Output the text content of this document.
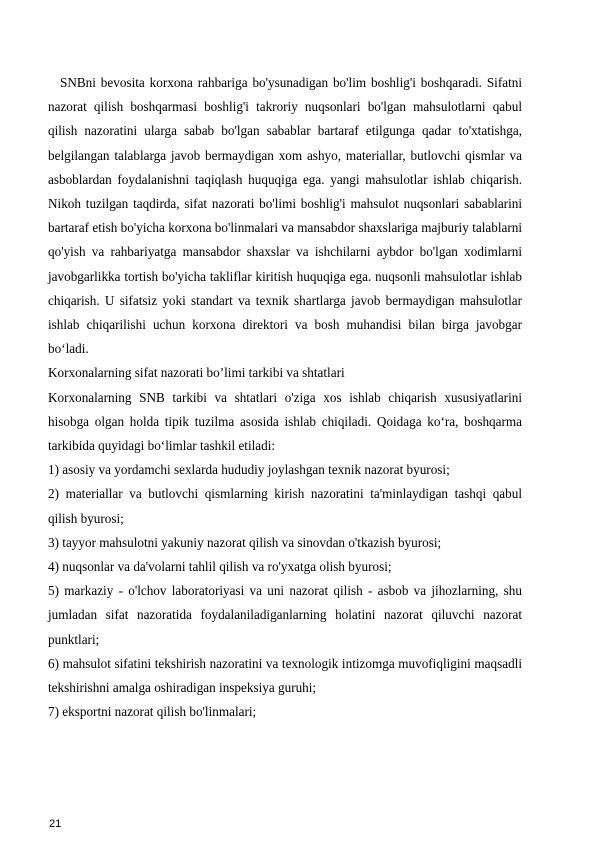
SNBni bevosita korxona rahbariga bo'ysunadigan bo'lim boshlig'i boshqaradi. Sifatni nazorat qilish boshqarmasi boshlig'i takroriy nuqsonlari bo'lgan mahsulotlarni qabul qilish nazoratini ularga sabab bo'lgan sabablar bartaraf etilgunga qadar to'xtatishga, belgilangan talablarga javob bermaydigan xom ashyo, materiallar, butlovchi qismlar va asboblardan foydalanishni taqiqlash huquqiga ega. yangi mahsulotlar ishlab chiqarish. Nikoh tuzilgan taqdirda, sifat nazorati bo'limi boshlig'i mahsulot nuqsonlari sabablarini bartaraf etish bo'yicha korxona bo'linmalari va mansabdor shaxslariga majburiy talablarni qo'yish va rahbariyatga mansabdor shaxslar va ishchilarni aybdor bo'lgan xodimlarni javobgarlikka tortish bo'yicha takliflar kiritish huquqiga ega. nuqsonli mahsulotlar ishlab chiqarish. U sifatsiz yoki standart va texnik shartlarga javob bermaydigan mahsulotlar ishlab chiqarilishi uchun korxona direktori va bosh muhandisi bilan birga javobgar bo‘ladi.

Korxonalarning sifat nazorati bo’limi tarkibi va shtatlari

Korxonalarning SNB tarkibi va shtatlari o'ziga xos ishlab chiqarish xususiyatlarini hisobga olgan holda tipik tuzilma asosida ishlab chiqiladi. Qoidaga ko‘ra, boshqarma tarkibida quyidagi bo‘limlar tashkil etiladi:

1) asosiy va yordamchi sexlarda hududiy joylashgan texnik nazorat byurosi;

2) materiallar va butlovchi qismlarning kirish nazoratini ta'minlaydigan tashqi qabul qilish byurosi;

3) tayyor mahsulotni yakuniy nazorat qilish va sinovdan o'tkazish byurosi;

4) nuqsonlar va da'volarni tahlil qilish va ro'yxatga olish byurosi;

5) markaziy - o'lchov laboratoriyasi va uni nazorat qilish - asbob va jihozlarning, shu jumladan sifat nazoratida foydalaniladiganlarning holatini nazorat qiluvchi nazorat punktlari;

6) mahsulot sifatini tekshirish nazoratini va texnologik intizomga muvofiqligini maqsadli tekshirishni amalga oshiradigan inspeksiya guruhi;

7) eksportni nazorat qilish bo'linmalari;

21
